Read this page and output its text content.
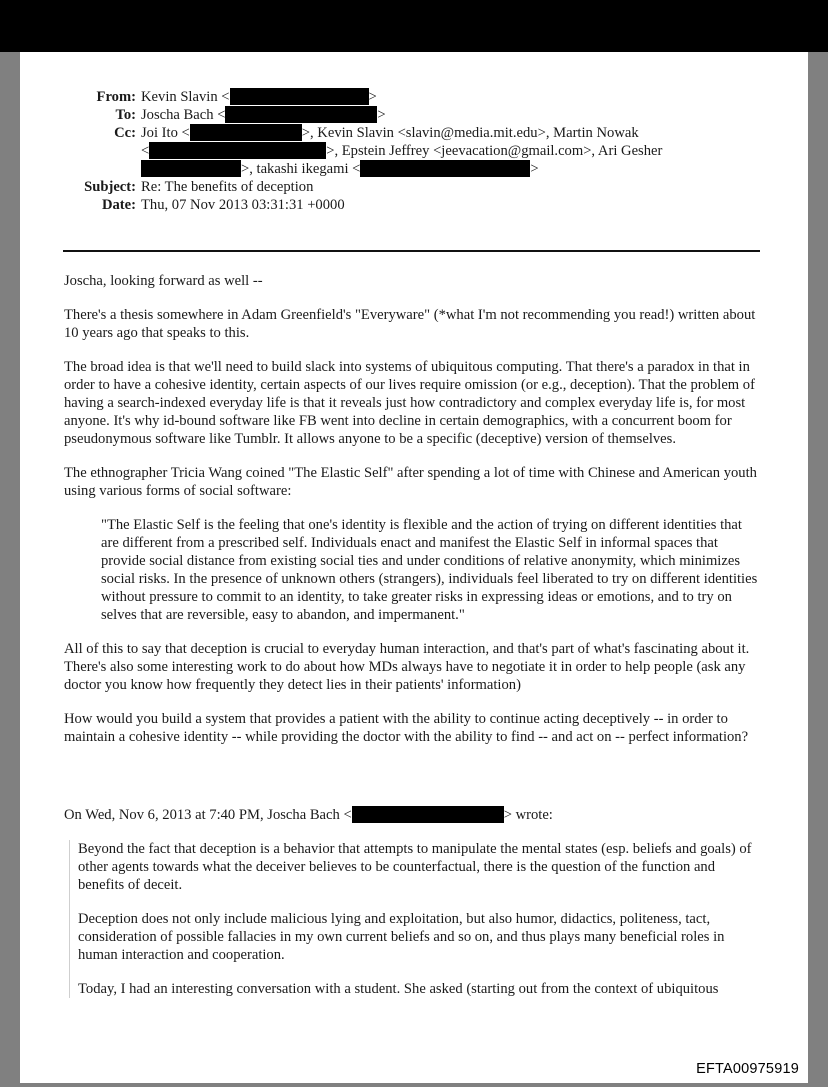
From: Kevin Slavin <	>
To: Joscha Bach <	>
Cc: Joi Ito <	>, Kevin Slavin <slavin@media.mit.edu>, Martin Nowak
<	>, Epstein Jeffrey <jeevacation@gmail.com>, Ari Gesher
>, takashi ikegami <	>
Subject: Re: The benefits of deception
Date: Thu, 07 Nov 2013 03:31:31 +0000

Joscha, looking forward as well --

There's a thesis somewhere in Adam Greenfield's "Everyware" (*what I'm not recommending you read!) written about 10 years ago that speaks to this.

The broad idea is that we'll need to build slack into systems of ubiquitous computing. That there's a paradox in that in order to have a cohesive identity, certain aspects of our lives require omission (or e.g., deception). That the problem of having a search-indexed everyday life is that it reveals just how contradictory and complex everyday life is, for most anyone. It's why id-bound software like FB went into decline in certain demographics, with a concurrent boom for pseudonymous software like Tumblr. It allows anyone to be a specific (deceptive) version of themselves.

The ethnographer Tricia Wang coined "The Elastic Self" after spending a lot of time with Chinese and American youth using various forms of social software:

"The Elastic Self is the feeling that one's identity is flexible and the action of trying on different identities that are different from a prescribed self. Individuals enact and manifest the Elastic Self in informal spaces that provide social distance from existing social ties and under conditions of relative anonymity, which minimizes social risks. In the presence of unknown others (strangers), individuals feel liberated to try on different identities without pressure to commit to an identity, to take greater risks in expressing ideas or emotions, and to try on selves that are reversible, easy to abandon, and impermanent."

All of this to say that deception is crucial to everyday human interaction, and that's part of what's fascinating about it. There's also some interesting work to do about how MDs always have to negotiate it in order to help people (ask any doctor you know how frequently they detect lies in their patients' information)

How would you build a system that provides a patient with the ability to continue acting deceptively -- in order to maintain a cohesive identity -- while providing the doctor with the ability to find -- and act on -- perfect information?

On Wed, Nov 6, 2013 at 7:40 PM, Joscha Bach <	> wrote:

Beyond the fact that deception is a behavior that attempts to manipulate the mental states (esp. beliefs and goals) of other agents towards what the deceiver believes to be counterfactual, there is the question of the function and benefits of deceit.

Deception does not only include malicious lying and exploitation, but also humor, didactics, politeness, tact, consideration of possible fallacies in my own current beliefs and so on, and thus plays many beneficial roles in human interaction and cooperation.

Today, I had an interesting conversation with a student. She asked (starting out from the context of ubiquitous

EFTA00975919
